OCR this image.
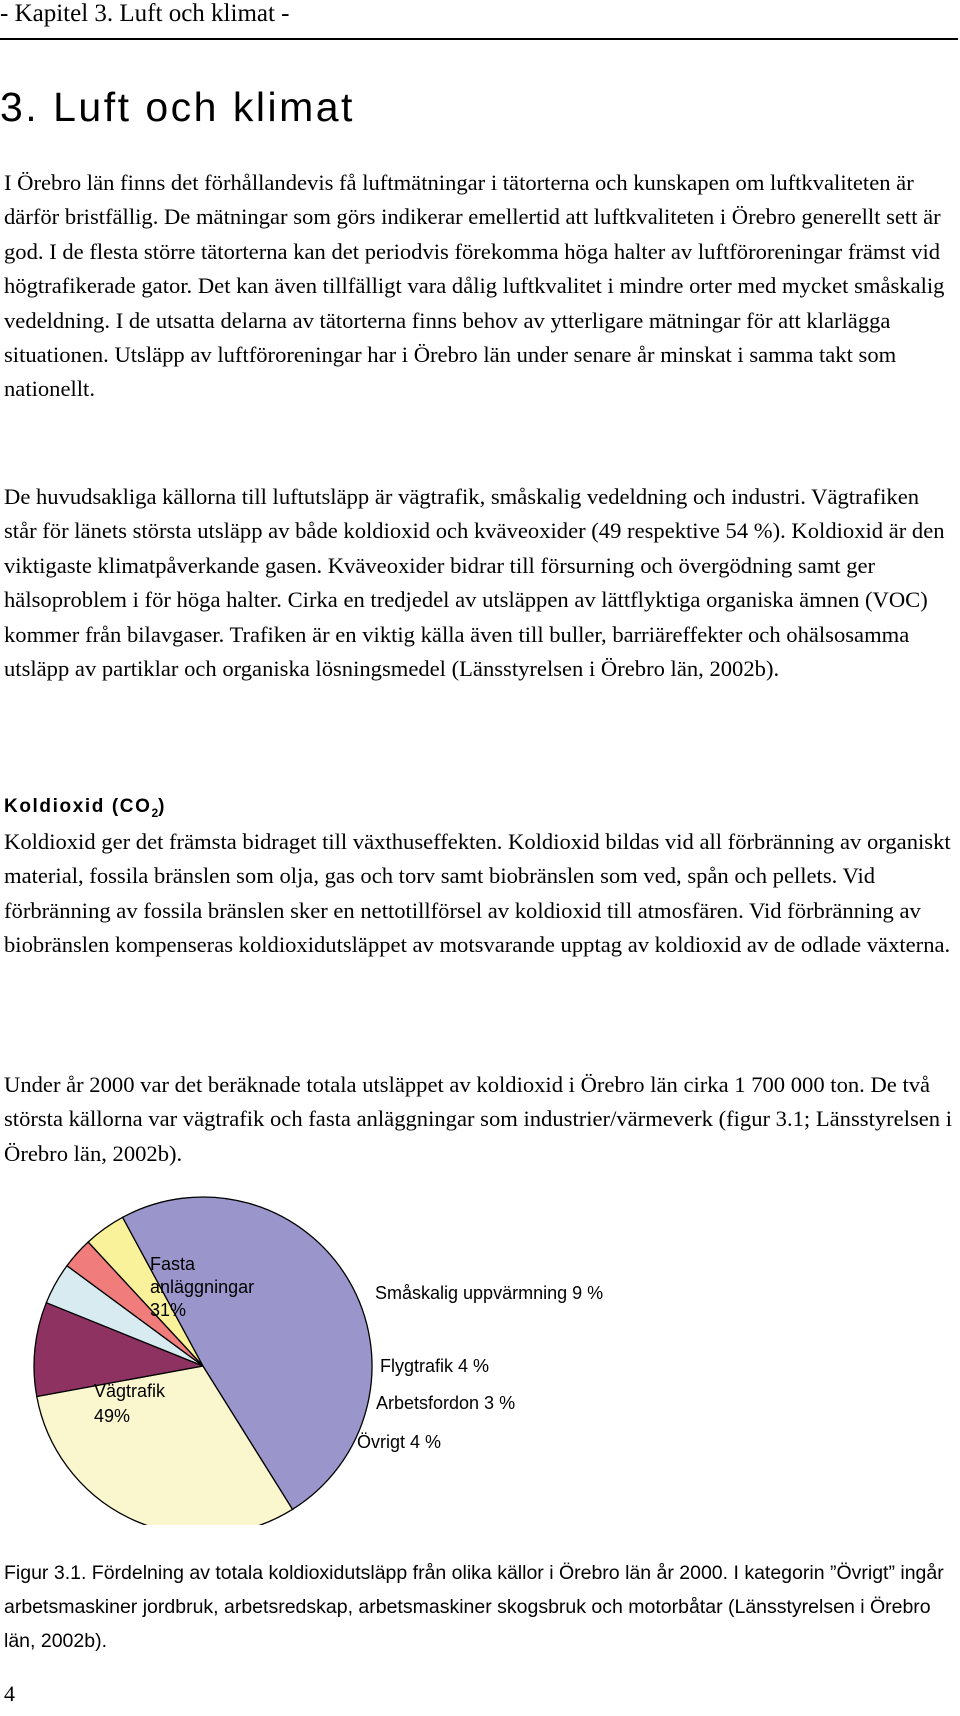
- Kapitel 3. Luft och klimat -
3. Luft och klimat

I Örebro län finns det förhållandevis få luftmätningar i tätorterna och kunskapen om luftkvaliteten är därför bristfällig. De mätningar som görs indikerar emellertid att luftkvaliteten i Örebro generellt sett är god. I de flesta större tätorterna kan det periodvis förekomma höga halter av luftföroreningar främst vid högtrafikerade gator. Det kan även tillfälligt vara dålig luftkvalitet i mindre orter med mycket småskalig vedeldning. I de utsatta delarna av tätorterna finns behov av ytterligare mätningar för att klarlägga situationen. Utsläpp av luftföroreningar har i Örebro län under senare år minskat i samma takt som nationellt.

De huvudsakliga källorna till luftutsläpp är vägtrafik, småskalig vedeldning och industri. Vägtrafiken står för länets största utsläpp av både koldioxid och kväveoxider (49 respektive 54 %). Koldioxid är den viktigaste klimatpåverkande gasen. Kväveoxider bidrar till försurning och övergödning samt ger hälsoproblem i för höga halter. Cirka en tredjedel av utsläppen av lättflyktiga organiska ämnen (VOC) kommer från bilavgaser. Trafiken är en viktig källa även till buller, barriäreffekter och ohälsosamma utsläpp av partiklar och organiska lösningsmedel (Länsstyrelsen i Örebro län, 2002b).

Koldioxid $(CO_2)$

Koldioxid ger det främsta bidraget till växthuseffekten. Koldioxid bildas vid all förbränning av organiskt material, fossila bränslen som olja, gas och torv samt biobränslen som ved, spån och pellets. Vid förbränning av fossila bränslen sker en nettotillförsel av koldioxid till atmosfären. Vid förbränning av biobränslen kompenseras koldioxidutsläppet av motsvarande upptag av koldioxid av de odlade växterna.

Under år 2000 var det beräknade totala utsläppet av koldioxid i Örebro län cirka 1 700 000 ton. De två största källorna var vägtrafik och fasta anläggningar som industrier/värmeverk (figur 3.1; Länsstyrelsen i Örebro län, 2002b).

Fasta anläggningar 31%
Småskalig uppvärmning 9 %
Flygtrafik 4 %
Arbetsfordon 3 %
Övrigt 4 %
Vägtrafik 49%

Figur 3.1. Fördelning av totala koldioxidutsläpp från olika källor i Örebro län år 2000. I kategorin ”Övrigt” ingår arbetsmaskiner jordbruk, arbetsredskap, arbetsmaskiner skogsbruk och motorbåtar (Länsstyrelsen i Örebro län, 2002b).

4
